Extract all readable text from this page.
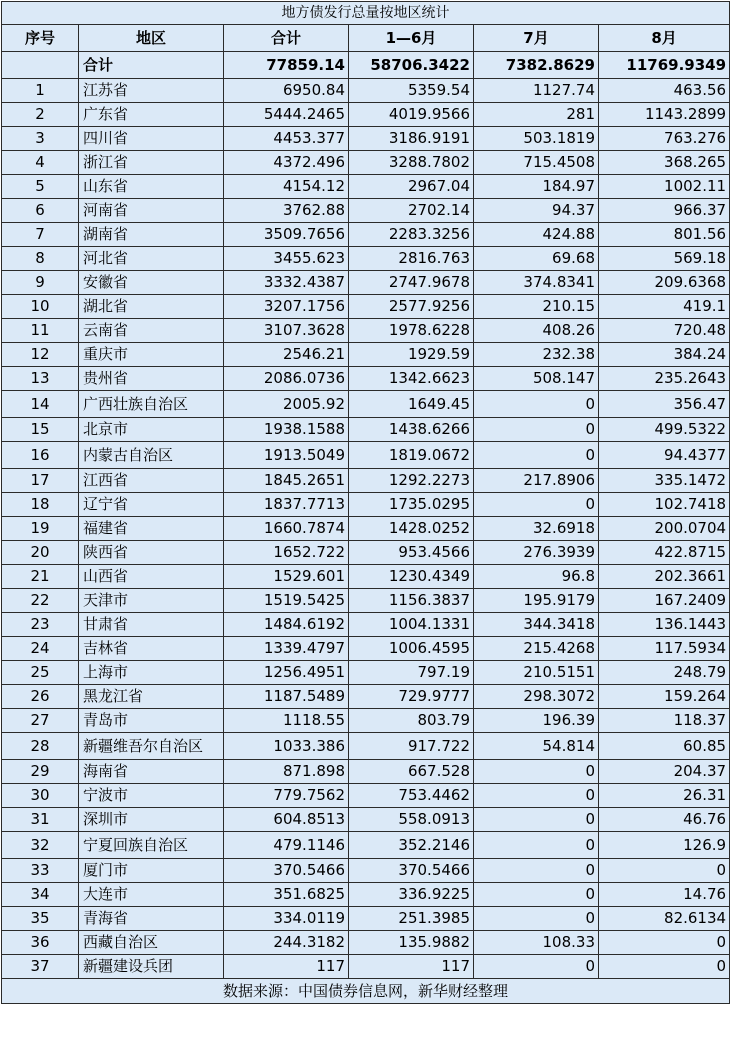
地方债发行总量按地区统计					
序号	地区	合计	1—6月	7月	8月
	合计	77859.14	58706.3422	7382.8629	11769.9349
1	江苏省	6950.84	5359.54	1127.74	463.56
2	广东省	5444.2465	4019.9566	281	1143.2899
3	四川省	4453.377	3186.9191	503.1819	763.276
4	浙江省	4372.496	3288.7802	715.4508	368.265
5	山东省	4154.12	2967.04	184.97	1002.11
6	河南省	3762.88	2702.14	94.37	966.37
7	湖南省	3509.7656	2283.3256	424.88	801.56
8	河北省	3455.623	2816.763	69.68	569.18
9	安徽省	3332.4387	2747.9678	374.8341	209.6368
10	湖北省	3207.1756	2577.9256	210.15	419.1
11	云南省	3107.3628	1978.6228	408.26	720.48
12	重庆市	2546.21	1929.59	232.38	384.24
13	贵州省	2086.0736	1342.6623	508.147	235.2643
14	广西壮族自治区	2005.92	1649.45	0	356.47
15	北京市	1938.1588	1438.6266	0	499.5322
16	内蒙古自治区	1913.5049	1819.0672	0	94.4377
17	江西省	1845.2651	1292.2273	217.8906	335.1472
18	辽宁省	1837.7713	1735.0295	0	102.7418
19	福建省	1660.7874	1428.0252	32.6918	200.0704
20	陕西省	1652.722	953.4566	276.3939	422.8715
21	山西省	1529.601	1230.4349	96.8	202.3661
22	天津市	1519.5425	1156.3837	195.9179	167.2409
23	甘肃省	1484.6192	1004.1331	344.3418	136.1443
24	吉林省	1339.4797	1006.4595	215.4268	117.5934
25	上海市	1256.4951	797.19	210.5151	248.79
26	黑龙江省	1187.5489	729.9777	298.3072	159.264
27	青岛市	1118.55	803.79	196.39	118.37
28	新疆维吾尔自治区	1033.386	917.722	54.814	60.85
29	海南省	871.898	667.528	0	204.37
30	宁波市	779.7562	753.4462	0	26.31
31	深圳市	604.8513	558.0913	0	46.76
32	宁夏回族自治区	479.1146	352.2146	0	126.9
33	厦门市	370.5466	370.5466	0	0
34	大连市	351.6825	336.9225	0	14.76
35	青海省	334.0119	251.3985	0	82.6134
36	西藏自治区	244.3182	135.9882	108.33	0
37	新疆建设兵团	117	117	0	0
数据来源：中国债券信息网，新华财经整理					
